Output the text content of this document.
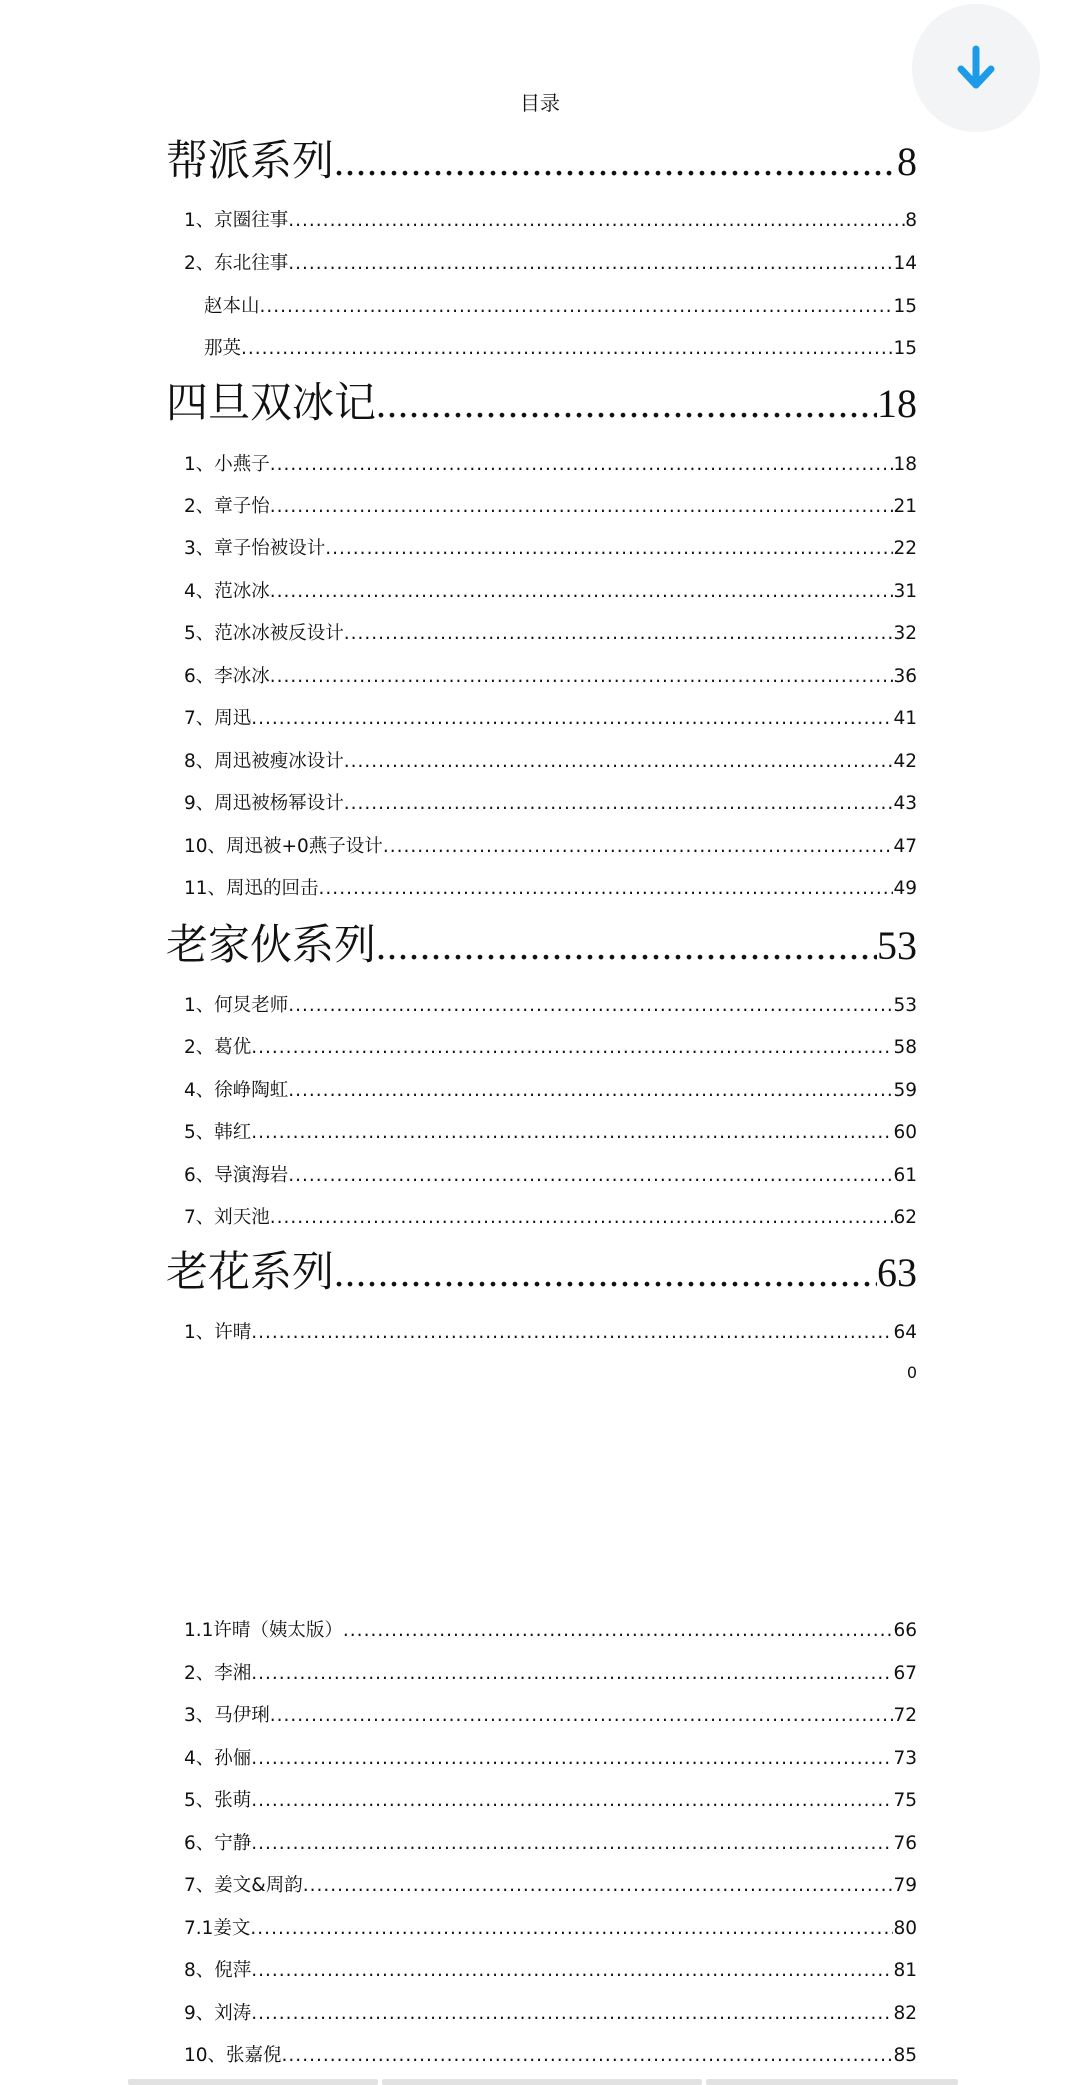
目录
帮派系列 .....	8
1、京圈往事 .....	8
2、东北往事 .....	14
赵本山 .....	15
那英 .....	15
四旦双冰记 .....	18
1、小燕子 .....	18
2、章子怡 .....	21
3、章子怡被设计 .....	22
4、范冰冰 .....	31
5、范冰冰被反设计 .....	32
6、李冰冰 .....	36
7、周迅 .....	41
8、周迅被瘦冰设计 .....	42
9、周迅被杨幂设计 .....	43
10、周迅被+0燕子设计 .....	47
11、周迅的回击 .....	49
老家伙系列 .....	53
1、何炅老师 .....	53
2、葛优 .....	58
4、徐峥陶虹 .....	59
5、韩红 .....	60
6、导演海岩 .....	61
7、刘天池 .....	62
老花系列 .....	63
1、许晴 .....	64
1.1许晴（姨太版） .....	66
2、李湘 .....	67
3、马伊琍 .....	72
4、孙俪 .....	73
5、张萌 .....	75
6、宁静 .....	76
7、姜文&周韵 .....	79
7.1姜文 .....	80
8、倪萍 .....	81
9、刘涛 .....	82
10、张嘉倪 .....	85
0
